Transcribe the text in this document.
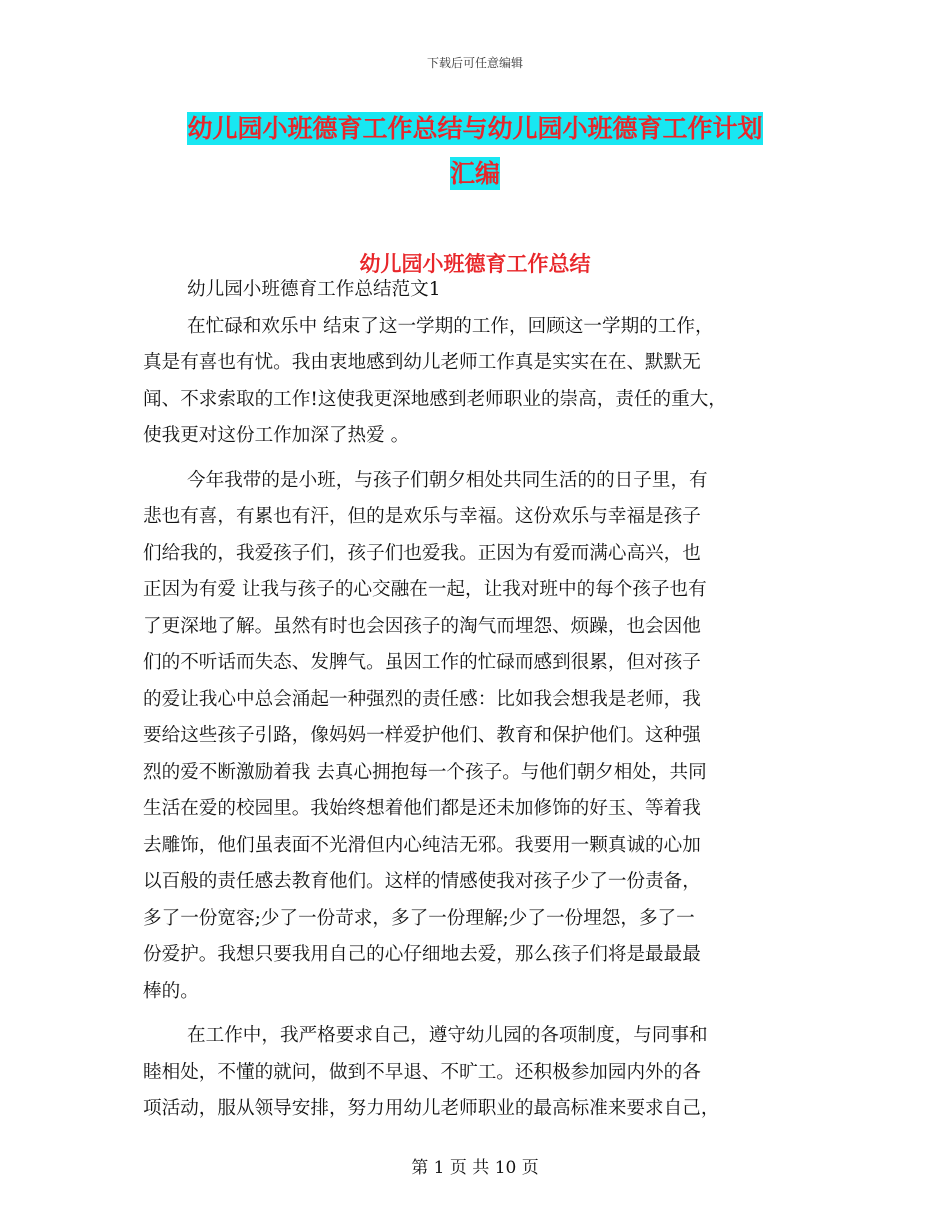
下载后可任意编辑
幼儿园小班德育工作总结与幼儿园小班德育工作计划
汇编
幼儿园小班德育工作总结
幼儿园小班德育工作总结范文1
在忙碌和欢乐中 结束了这一学期的工作，回顾这一学期的工作，
真是有喜也有忧。我由衷地感到幼儿老师工作真是实实在在、默默无
闻、不求索取的工作!这使我更深地感到老师职业的崇高，责任的重大，
使我更对这份工作加深了热爱 。
今年我带的是小班，与孩子们朝夕相处共同生活的的日子里，有
悲也有喜，有累也有汗，但的是欢乐与幸福。这份欢乐与幸福是孩子
们给我的，我爱孩子们，孩子们也爱我。正因为有爱而满心高兴，也
正因为有爱 让我与孩子的心交融在一起，让我对班中的每个孩子也有
了更深地了解。虽然有时也会因孩子的淘气而埋怨、烦躁，也会因他
们的不听话而失态、发脾气。虽因工作的忙碌而感到很累，但对孩子
的爱让我心中总会涌起一种强烈的责任感：比如我会想我是老师，我
要给这些孩子引路，像妈妈一样爱护他们、教育和保护他们。这种强
烈的爱不断激励着我 去真心拥抱每一个孩子。与他们朝夕相处，共同
生活在爱的校园里。我始终想着他们都是还未加修饰的好玉、等着我
去雕饰，他们虽表面不光滑但内心纯洁无邪。我要用一颗真诚的心加
以百般的责任感去教育他们。这样的情感使我对孩子少了一份责备，
多了一份宽容;少了一份苛求，多了一份理解;少了一份埋怨，多了一
份爱护。我想只要我用自己的心仔细地去爱，那么孩子们将是最最最
棒的。
在工作中，我严格要求自己，遵守幼儿园的各项制度，与同事和
睦相处，不懂的就问，做到不早退、不旷工。还积极参加园内外的各
项活动，服从领导安排，努力用幼儿老师职业的最高标准来要求自己，
第 1 页 共 10 页
